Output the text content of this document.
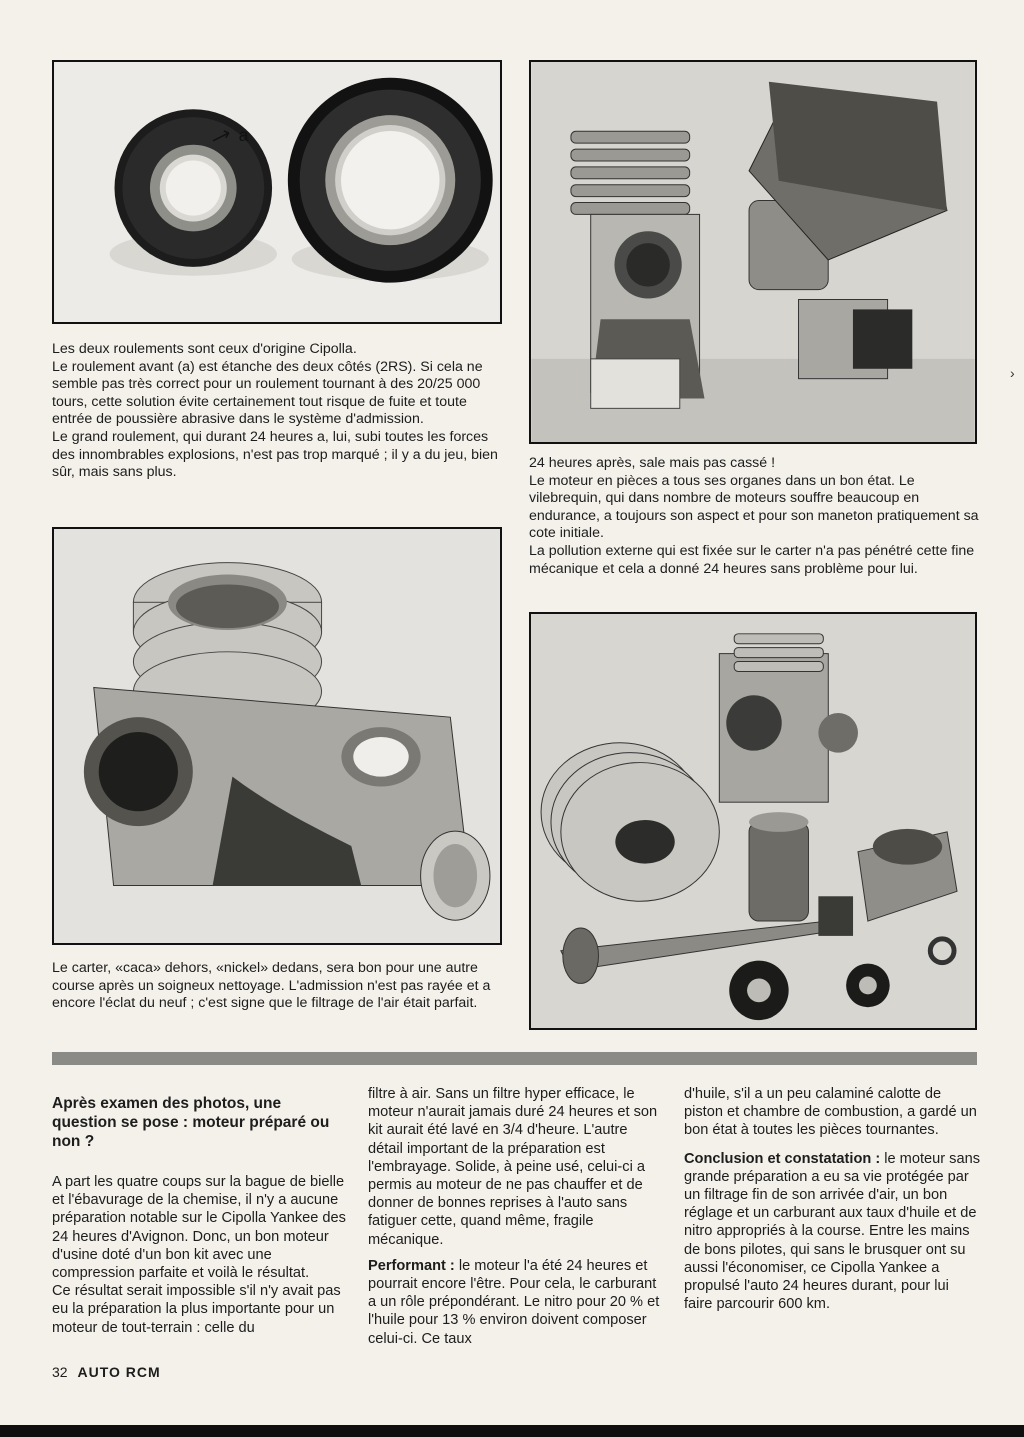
a

Les deux roulements sont ceux d'origine Cipolla.

Le roulement avant (a) est étanche des deux côtés (2RS). Si cela ne semble pas très correct pour un roulement tournant à des 20/25 000 tours, cette solution évite certainement tout risque de fuite et toute entrée de poussière abrasive dans le système d'admission.

Le grand roulement, qui durant 24 heures a, lui, subi toutes les forces des innombrables explosions, n'est pas trop marqué ; il y a du jeu, bien sûr, mais sans plus.

24 heures après, sale mais pas cassé !

Le moteur en pièces a tous ses organes dans un bon état. Le vilebrequin, qui dans nombre de moteurs souffre beaucoup en endurance, a toujours son aspect et pour son maneton pratiquement sa cote initiale.

La pollution externe qui est fixée sur le carter n'a pas pénétré cette fine mécanique et cela a donné 24 heures sans problème pour lui.

Le carter, «caca» dehors, «nickel» dedans, sera bon pour une autre course après un soigneux nettoyage. L'admission n'est pas rayée et a encore l'éclat du neuf ; c'est signe que le filtrage de l'air était parfait.

Après examen des photos, une question se pose : moteur préparé ou non ?

A part les quatre coups sur la bague de bielle et l'ébavurage de la chemise, il n'y a aucune préparation notable sur le Cipolla Yankee des 24 heures d'Avignon. Donc, un bon moteur d'usine doté d'un bon kit avec une compression parfaite et voilà le résultat.

Ce résultat serait impossible s'il n'y avait pas eu la préparation la plus importante pour un moteur de tout-terrain : celle du

filtre à air. Sans un filtre hyper efficace, le moteur n'aurait jamais duré 24 heures et son kit aurait été lavé en 3/4 d'heure. L'autre détail important de la préparation est l'embrayage. Solide, à peine usé, celui-ci a permis au moteur de ne pas chauffer et de donner de bonnes reprises à l'auto sans fatiguer cette, quand même, fragile mécanique.

Performant : le moteur l'a été 24 heures et pourrait encore l'être. Pour cela, le carburant a un rôle prépondérant. Le nitro pour 20 % et l'huile pour 13 % environ doivent composer celui-ci. Ce taux

d'huile, s'il a un peu calaminé calotte de piston et chambre de combustion, a gardé un bon état à toutes les pièces tournantes.

Conclusion et constatation : le moteur sans grande préparation a eu sa vie protégée par un filtrage fin de son arrivée d'air, un bon réglage et un carburant aux taux d'huile et de nitro appropriés à la course. Entre les mains de bons pilotes, qui sans le brusquer ont su aussi l'économiser, ce Cipolla Yankee a propulsé l'auto 24 heures durant, pour lui faire parcourir 600 km.

32 AUTO RCM
›
